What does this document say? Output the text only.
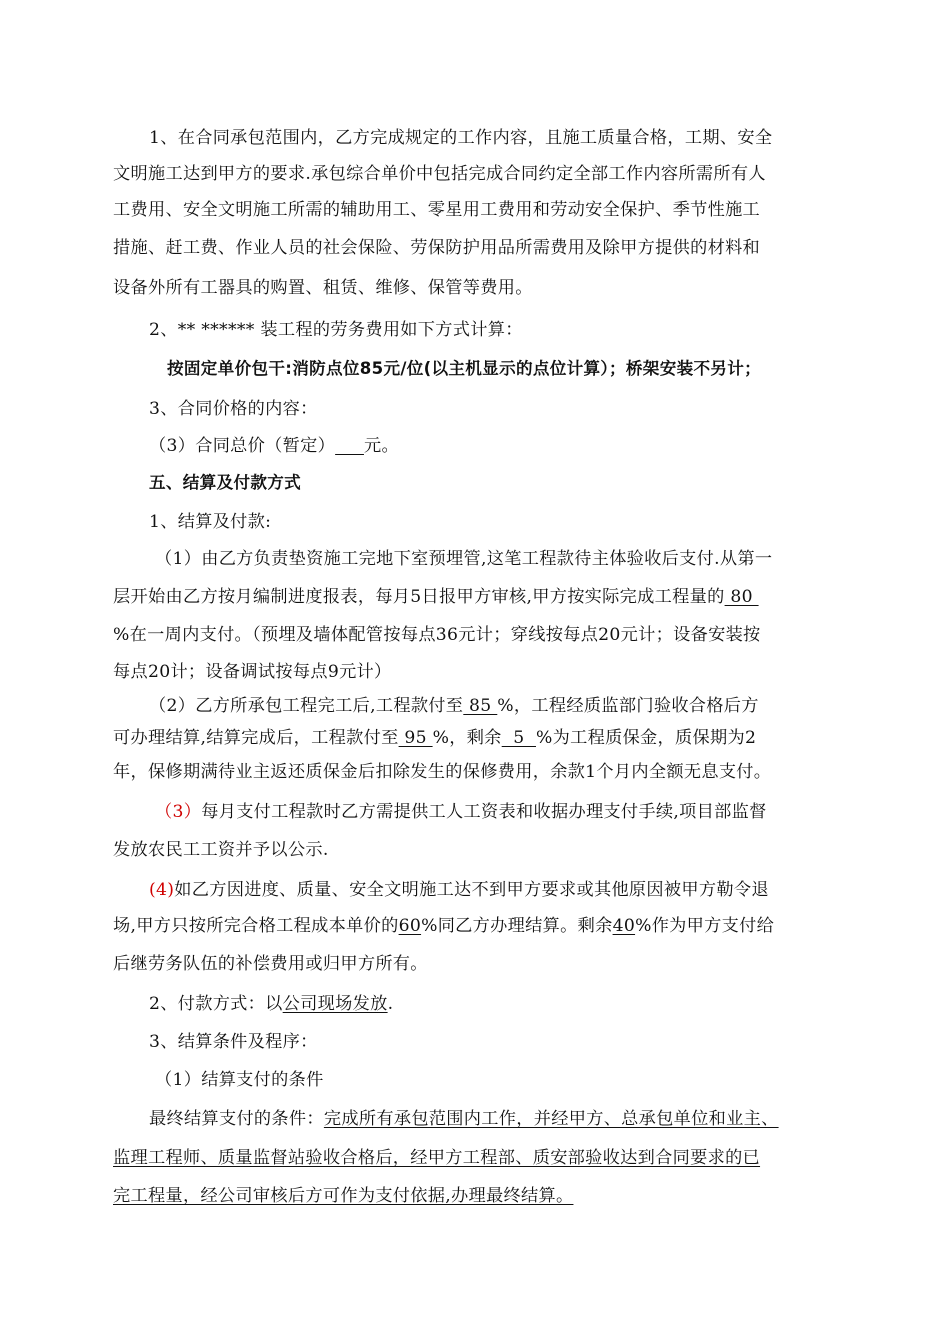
1、在合同承包范围内，乙方完成规定的工作内容，且施工质量合格，工期、安全
文明施工达到甲方的要求.承包综合单价中包括完成合同约定全部工作内容所需所有人
工费用、安全文明施工所需的辅助用工、零星用工费用和劳动安全保护、季节性施工
措施、赶工费、作业人员的社会保险、劳保防护用品所需费用及除甲方提供的材料和
设备外所有工器具的购置、租赁、维修、保管等费用。
2、** ****** 装工程的劳务费用如下方式计算：
按固定单价包干:消防点位85元/位(以主机显示的点位计算）；桥架安装不另计；
3、合同价格的内容：
（3）合同总价（暂定） 元。
五、结算及付款方式
1、结算及付款:
（1）由乙方负责垫资施工完地下室预埋管,这笔工程款待主体验收后支付.从第一
层开始由乙方按月编制进度报表，每月5日报甲方审核,甲方按实际完成工程量的 80
%在一周内支付。（预埋及墙体配管按每点36元计；穿线按每点20元计；设备安装按
每点20计；设备调试按每点9元计）
（2）乙方所承包工程完工后,工程款付至 85 %，工程经质监部门验收合格后方
可办理结算,结算完成后，工程款付至 95 %，剩余  5  %为工程质保金，质保期为2
年，保修期满待业主返还质保金后扣除发生的保修费用，余款1个月内全额无息支付。
（3）每月支付工程款时乙方需提供工人工资表和收据办理支付手续,项目部监督
发放农民工工资并予以公示.
(4)如乙方因进度、质量、安全文明施工达不到甲方要求或其他原因被甲方勒令退
场,甲方只按所完合格工程成本单价的60%同乙方办理结算。剩余40%作为甲方支付给
后继劳务队伍的补偿费用或归甲方所有。
2、付款方式：以公司现场发放.
3、结算条件及程序：
（1）结算支付的条件
最终结算支付的条件：完成所有承包范围内工作，并经甲方、总承包单位和业主、
监理工程师、质量监督站验收合格后，经甲方工程部、质安部验收达到合同要求的已
完工程量，经公司审核后方可作为支付依据,办理最终结算。
